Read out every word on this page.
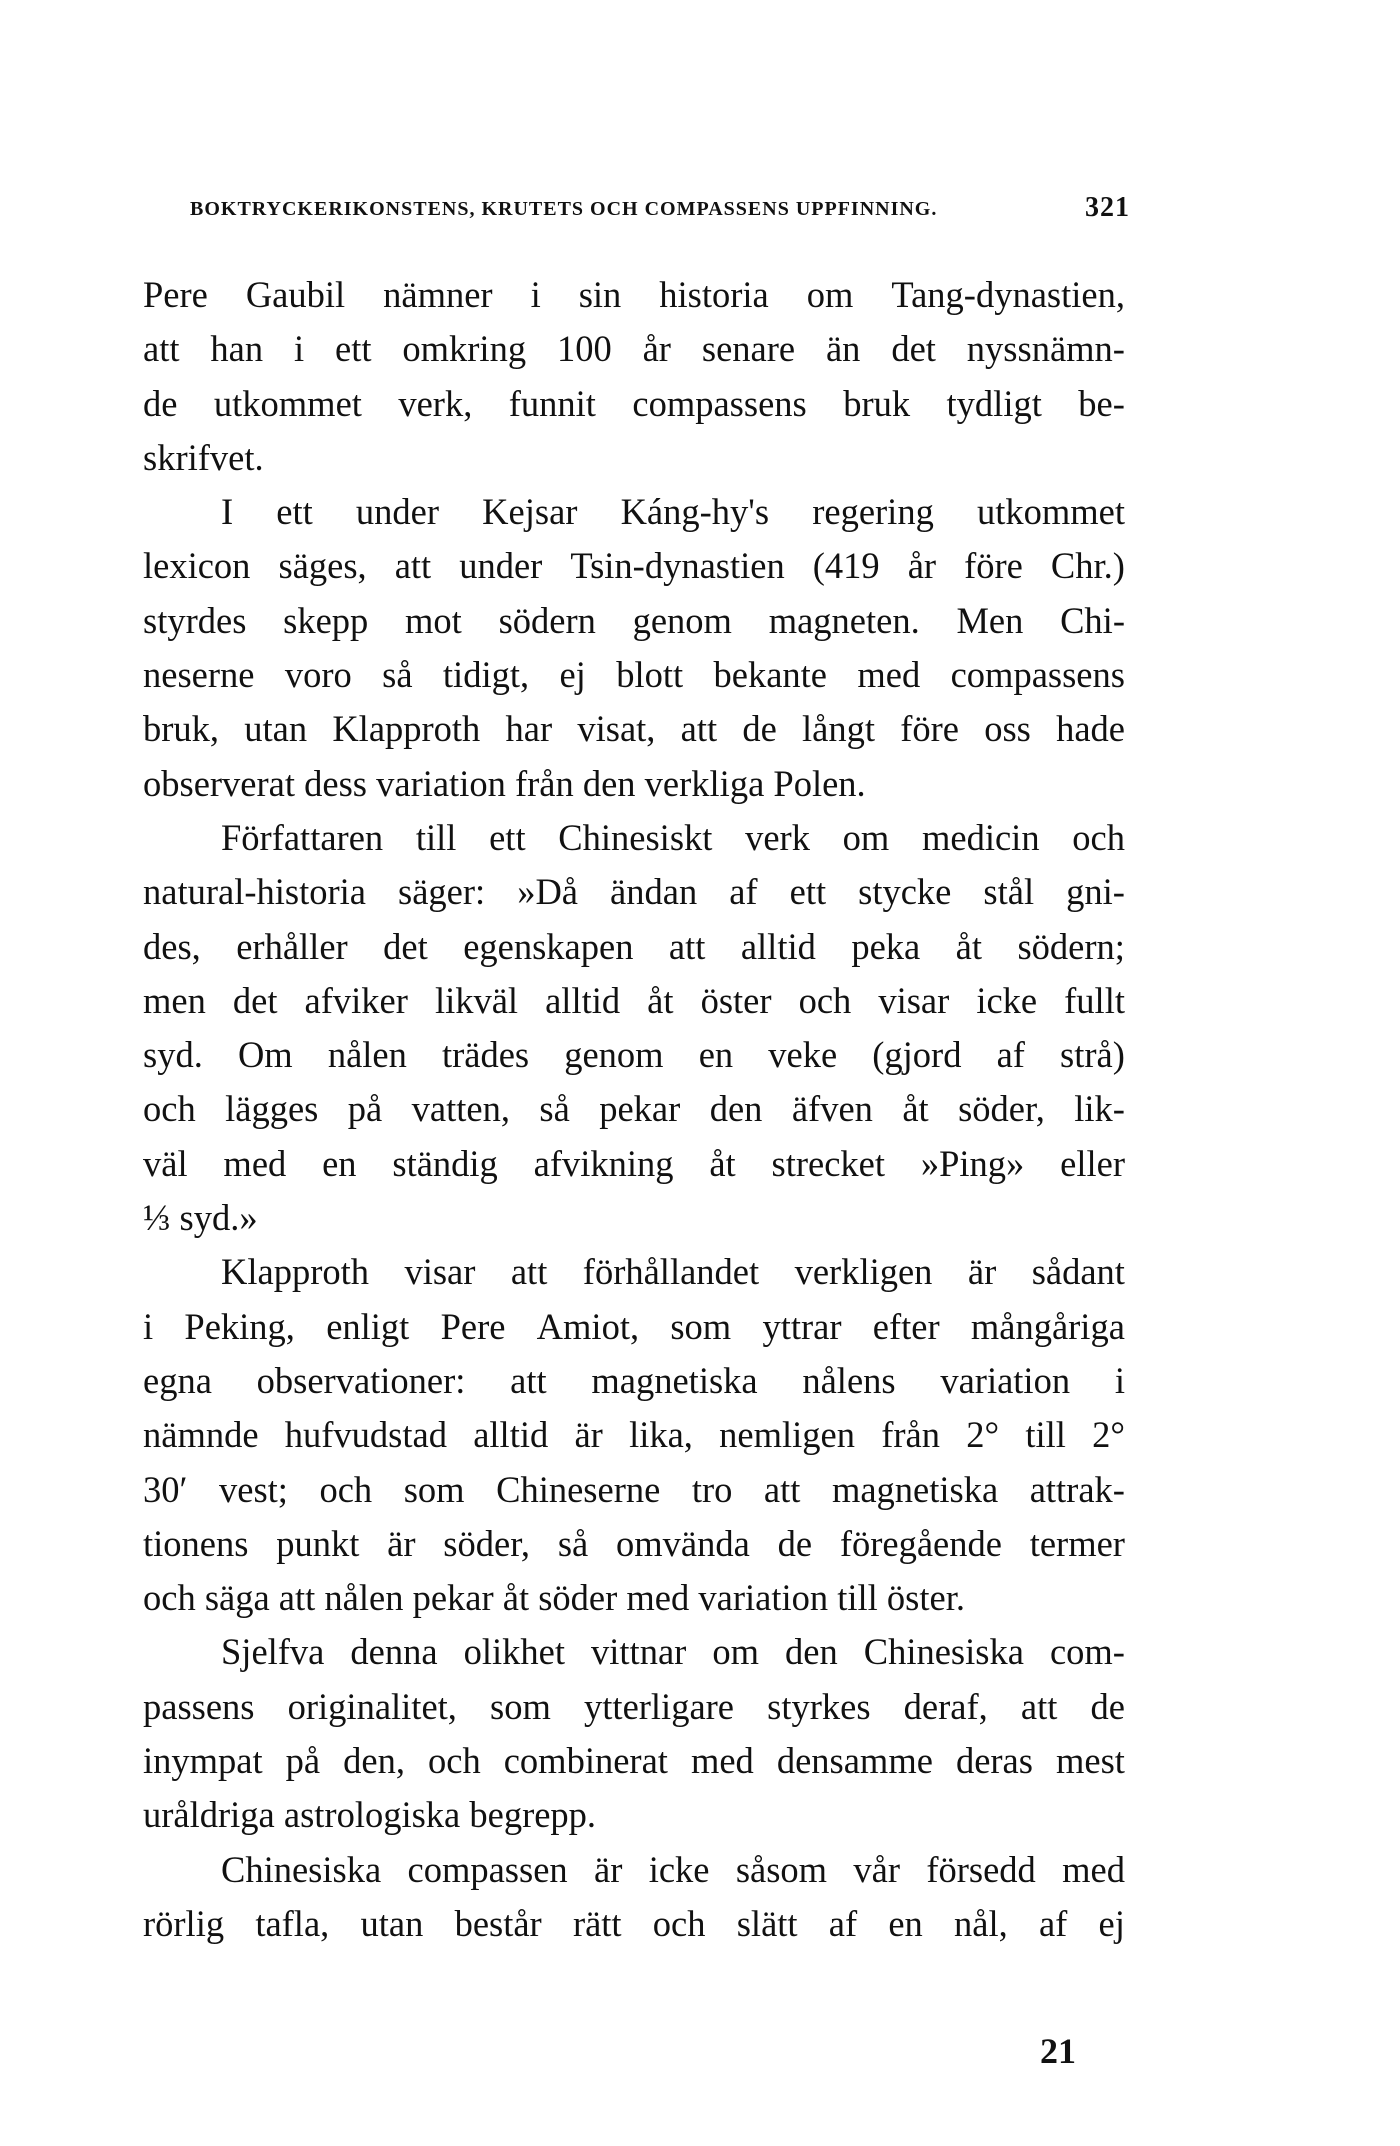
BOKTRYCKERIKONSTENS, KRUTETS OCH COMPASSENS UPPFINNING.	321
Pere Gaubil nämner i sin historia om Tang-dynastien,
att han i ett omkring 100 år senare än det nyssnämn-
de utkommet verk, funnit compassens bruk tydligt be-
skrifvet.
I ett under Kejsar Káng-hy's regering utkommet
lexicon säges, att under Tsin-dynastien (419 år före Chr.)
styrdes skepp mot södern genom magneten. Men Chi-
neserne voro så tidigt, ej blott bekante med compassens
bruk, utan Klapproth har visat, att de långt före oss hade
observerat dess variation från den verkliga Polen.
Författaren till ett Chinesiskt verk om medicin och
natural-historia säger: »Då ändan af ett stycke stål gni-
des, erhåller det egenskapen att alltid peka åt södern;
men det afviker likväl alltid åt öster och visar icke fullt
syd. Om nålen trädes genom en veke (gjord af strå)
och lägges på vatten, så pekar den äfven åt söder, lik-
väl med en ständig afvikning åt strecket »Ping» eller
⅓ syd.»
Klapproth visar att förhållandet verkligen är sådant
i Peking, enligt Pere Amiot, som yttrar efter mångåriga
egna observationer: att magnetiska nålens variation i
nämnde hufvudstad alltid är lika, nemligen från 2° till 2°
30′ vest; och som Chineserne tro att magnetiska attrak-
tionens punkt är söder, så omvända de föregående termer
och säga att nålen pekar åt söder med variation till öster.
Sjelfva denna olikhet vittnar om den Chinesiska com-
passens originalitet, som ytterligare styrkes deraf, att de
inympat på den, och combinerat med densamme deras mest
uråldriga astrologiska begrepp.
Chinesiska compassen är icke såsom vår försedd med
rörlig tafla, utan består rätt och slätt af en nål, af ej
21
